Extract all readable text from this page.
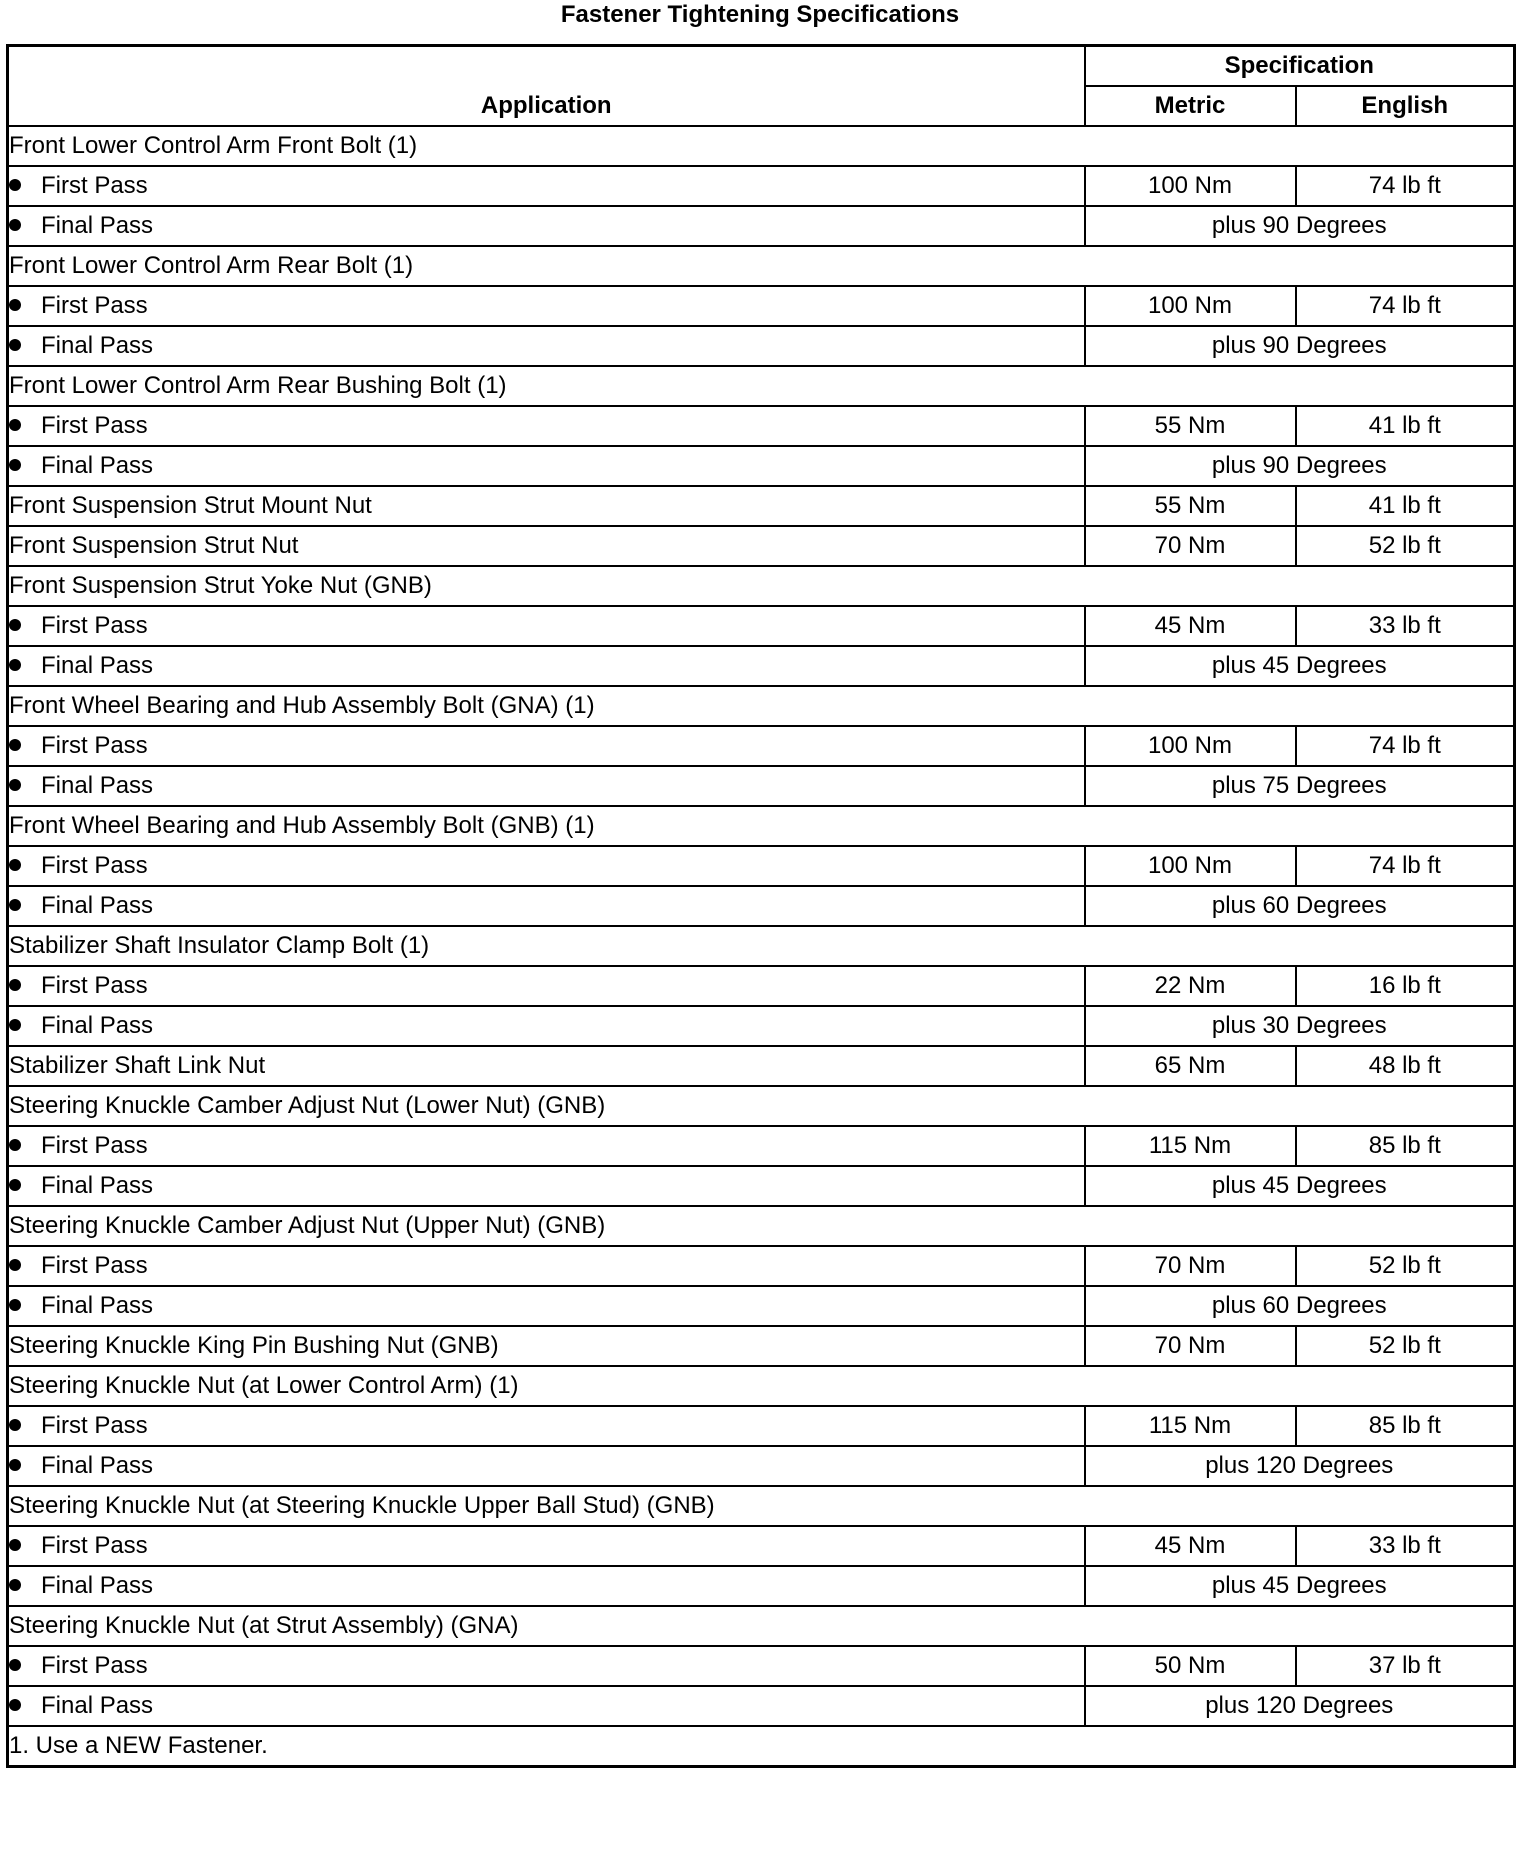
Fastener Tightening Specifications
Application	Specification	
	Metric	English
Front Lower Control Arm Front Bolt (1)		
First Pass	100 Nm	74 lb ft
Final Pass	plus 90 Degrees	
Front Lower Control Arm Rear Bolt (1)		
First Pass	100 Nm	74 lb ft
Final Pass	plus 90 Degrees	
Front Lower Control Arm Rear Bushing Bolt (1)		
First Pass	55 Nm	41 lb ft
Final Pass	plus 90 Degrees	
Front Suspension Strut Mount Nut	55 Nm	41 lb ft
Front Suspension Strut Nut	70 Nm	52 lb ft
Front Suspension Strut Yoke Nut (GNB)		
First Pass	45 Nm	33 lb ft
Final Pass	plus 45 Degrees	
Front Wheel Bearing and Hub Assembly Bolt (GNA) (1)		
First Pass	100 Nm	74 lb ft
Final Pass	plus 75 Degrees	
Front Wheel Bearing and Hub Assembly Bolt (GNB) (1)		
First Pass	100 Nm	74 lb ft
Final Pass	plus 60 Degrees	
Stabilizer Shaft Insulator Clamp Bolt (1)		
First Pass	22 Nm	16 lb ft
Final Pass	plus 30 Degrees	
Stabilizer Shaft Link Nut	65 Nm	48 lb ft
Steering Knuckle Camber Adjust Nut (Lower Nut) (GNB)		
First Pass	115 Nm	85 lb ft
Final Pass	plus 45 Degrees	
Steering Knuckle Camber Adjust Nut (Upper Nut) (GNB)		
First Pass	70 Nm	52 lb ft
Final Pass	plus 60 Degrees	
Steering Knuckle King Pin Bushing Nut (GNB)	70 Nm	52 lb ft
Steering Knuckle Nut (at Lower Control Arm) (1)		
First Pass	115 Nm	85 lb ft
Final Pass	plus 120 Degrees	
Steering Knuckle Nut (at Steering Knuckle Upper Ball Stud) (GNB)		
First Pass	45 Nm	33 lb ft
Final Pass	plus 45 Degrees	
Steering Knuckle Nut (at Strut Assembly) (GNA)		
First Pass	50 Nm	37 lb ft
Final Pass	plus 120 Degrees	
1. Use a NEW Fastener.		
